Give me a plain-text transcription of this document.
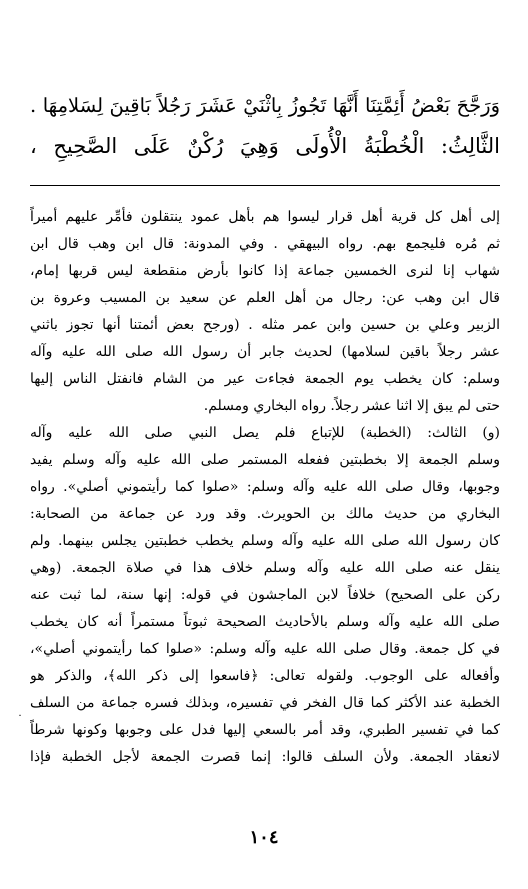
وَرَجَّحَ بَعْضُ أَئِمَّتِنَا أَنَّهَا تَجُوزُ بِاثْنَيْ عَشَرَ رَجُلاً بَاقِينَ لِسَلامِهَا .
الثَّالِثُ: الْخُطْبَةُ الْأُولَى وَهِيَ رُكْنٌ عَلَى الصَّحِيحِ ،
إلى أهل كل قرية أهل قرار ليسوا هم بأهل عمود ينتقلون فأمِّر عليهم أميراً
ثم مُره فليجمع بهم. رواه البيهقي . وفي المدونة: قال ابن وهب قال ابن
شهاب إنا لنرى الخمسين جماعة إذا كانوا بأرض منقطعة ليس قربها إمام،
قال ابن وهب عن: رجال من أهل العلم عن سعيد بن المسيب وعروة بن
الزبير وعلي بن حسين وابن عمر مثله . (ورجح بعض أئمتنا أنها تجوز باثني
عشر رجلاً باقين لسلامها) لحديث جابر أن رسول الله صلى الله عليه وآله
وسلم: كان يخطب يوم الجمعة فجاءت عير من الشام فانفتل الناس إليها
حتى لم يبق إلا اثنا عشر رجلاً. رواه البخاري ومسلم.
(و) الثالث: (الخطبة) للإتباع فلم يصل النبي صلى الله عليه وآله
وسلم الجمعة إلا بخطبتين ففعله المستمر صلى الله عليه وآله وسلم يفيد
وجوبها، وقال صلى الله عليه وآله وسلم: «صلوا كما رأيتموني أصلي». رواه
البخاري من حديث مالك بن الحويرث. وقد ورد عن جماعة من الصحابة:
كان رسول الله صلى الله عليه وآله وسلم يخطب خطبتين يجلس بينهما. ولم
ينقل عنه صلى الله عليه وآله وسلم خلاف هذا في صلاة الجمعة. (وهي
ركن على الصحيح) خلافاً لابن الماجشون في قوله: إنها سنة، لما ثبت عنه
صلى الله عليه وآله وسلم بالأحاديث الصحيحة ثبوتاً مستمراً أنه كان يخطب
في كل جمعة. وقال صلى الله عليه وآله وسلم: «صلوا كما رأيتموني أصلي»،
وأفعاله على الوجوب. ولقوله تعالى: ﴿فاسعوا إلى ذكر الله﴾، والذكر هو
الخطبة عند الأكثر كما قال الفخر في تفسيره، وبذلك فسره جماعة من السلف
كما في تفسير الطبري، وقد أمر بالسعي إليها فدل على وجوبها وكونها شرطاً
لانعقاد الجمعة. ولأن السلف قالوا: إنما قصرت الجمعة لأجل الخطبة فإذا
˙
١٠٤
